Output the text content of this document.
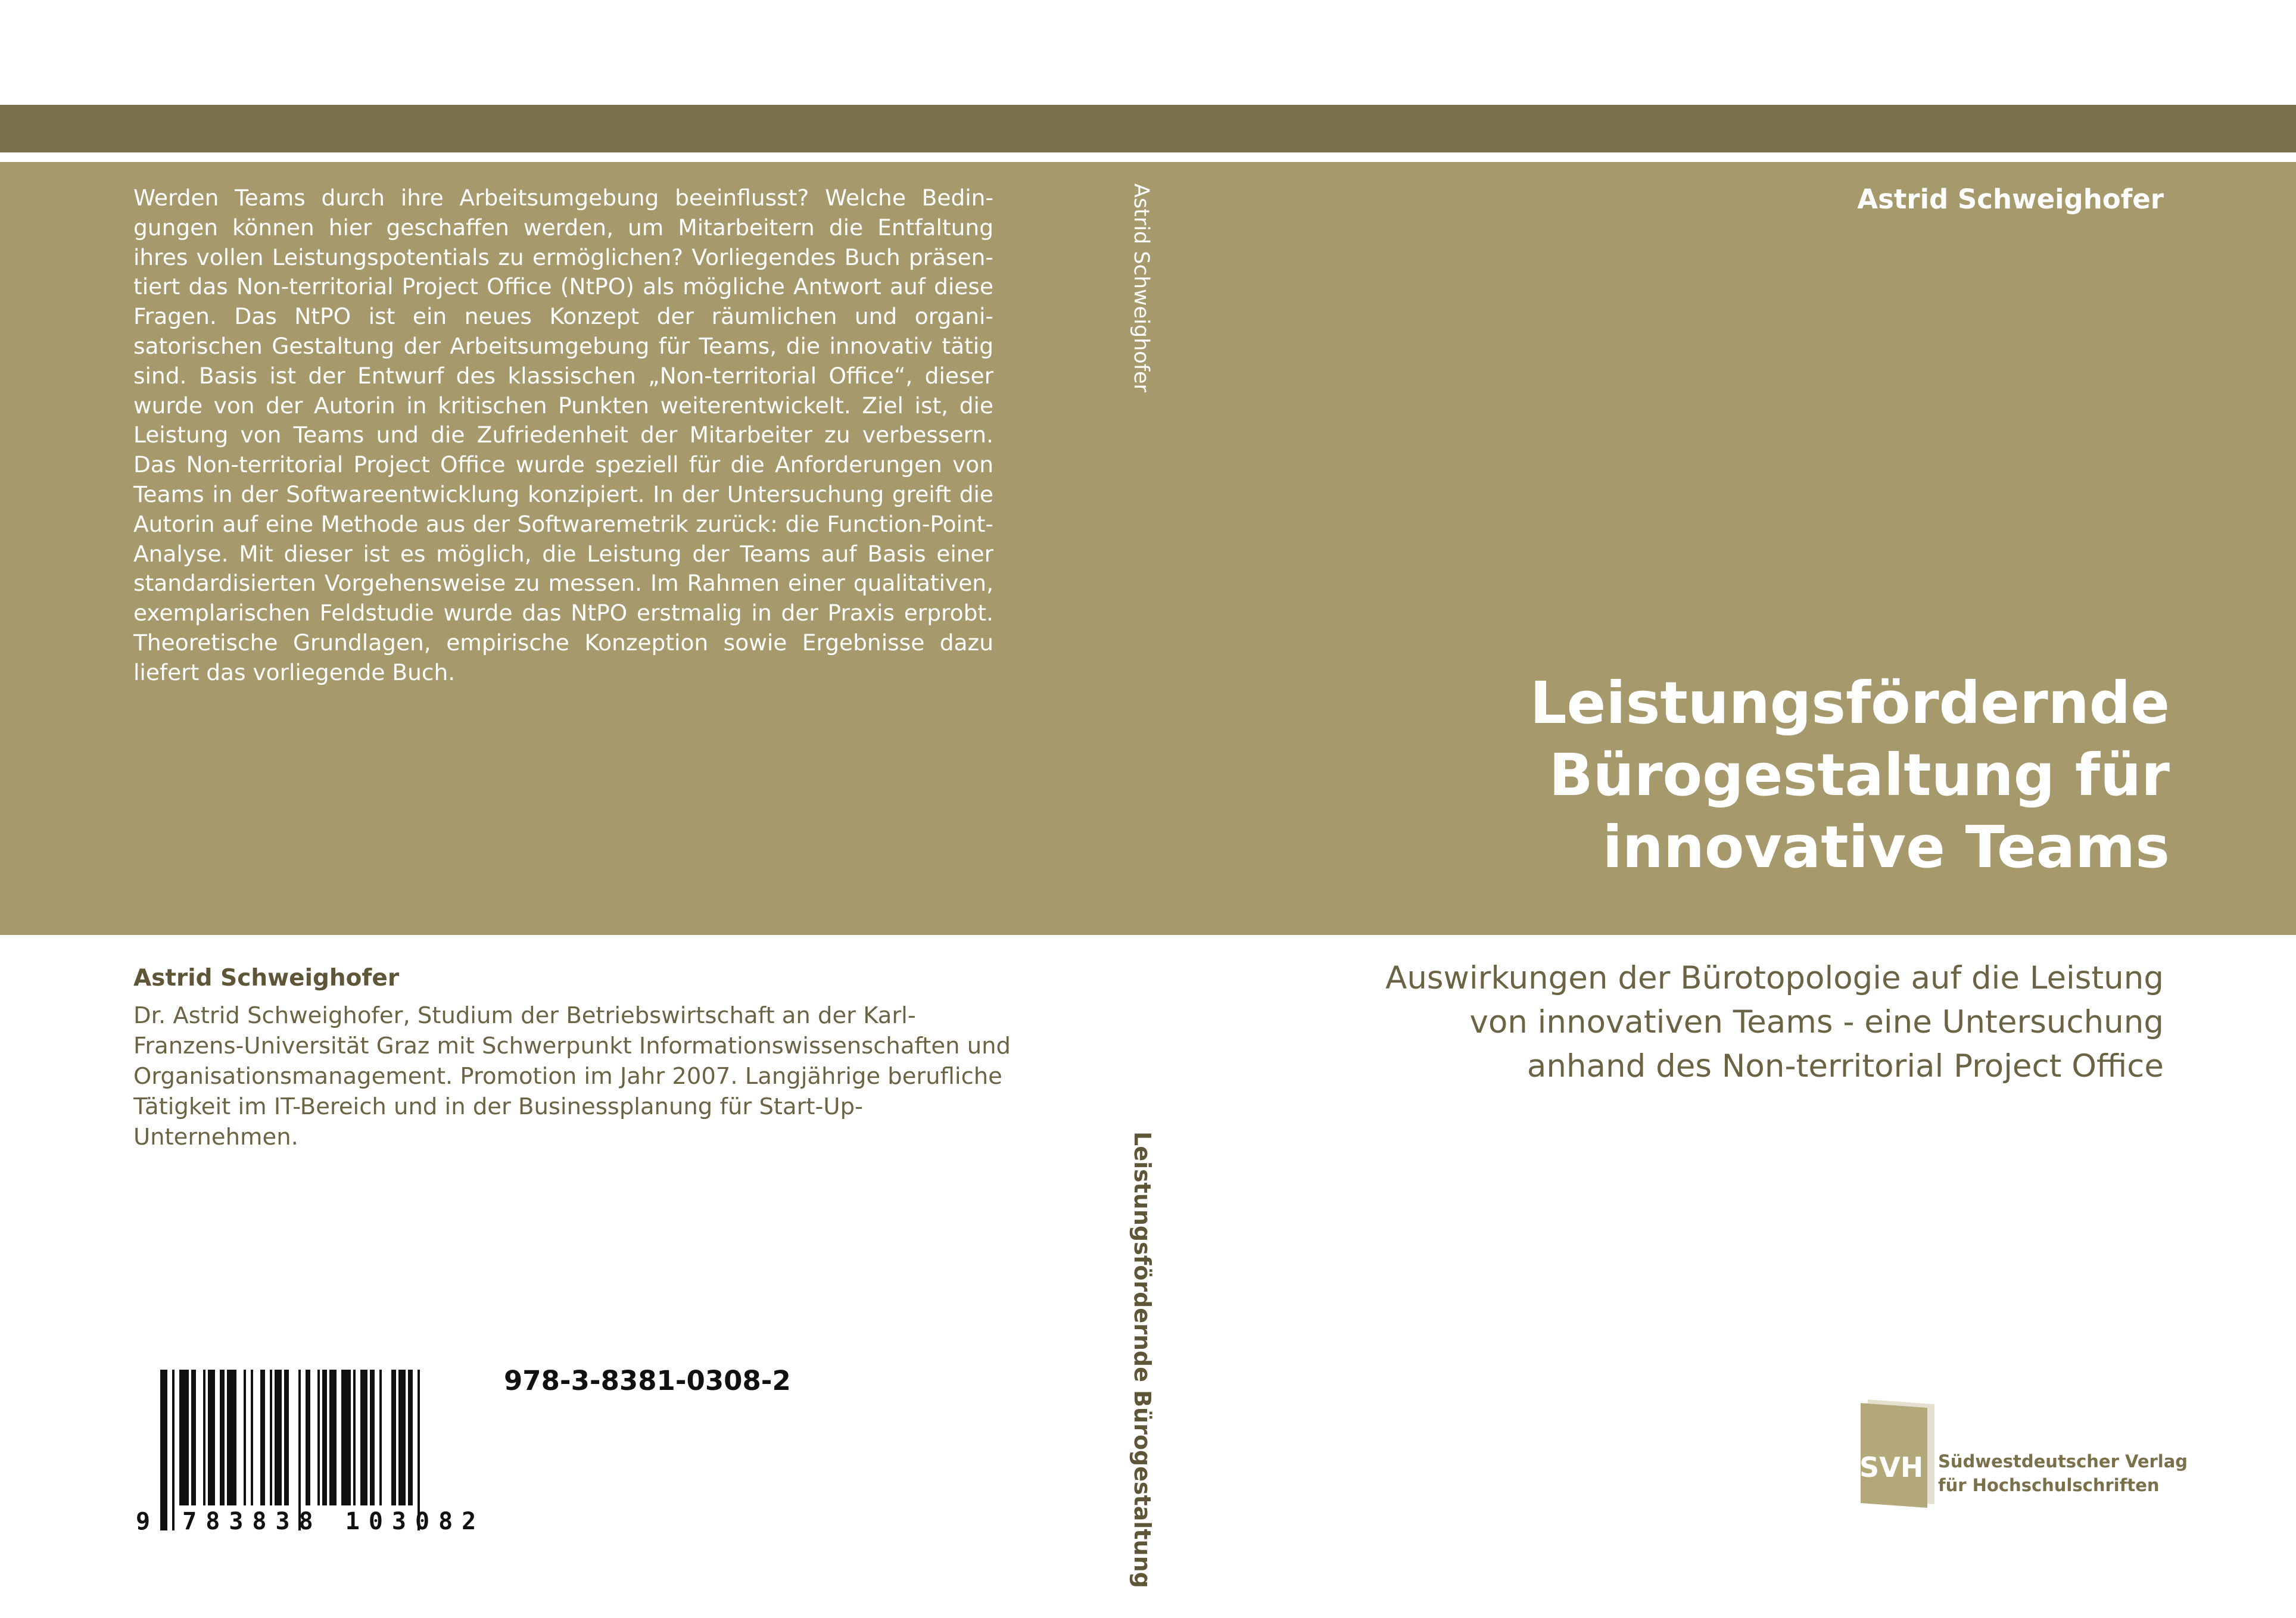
Werden Teams durch ihre Arbeitsumgebung beeinflusst? Welche Bedingungen können hier geschaffen werden, um Mitarbeitern die Entfaltung ihres vollen Leistungspotentials zu ermöglichen? Vorliegendes Buch präsentiert das Non-territorial Project Office (NtPO) als mögliche Antwort auf diese Fragen. Das NtPO ist ein neues Konzept der räumlichen und organisatorischen Gestaltung der Arbeitsumgebung für Teams, die innovativ tätig sind. Basis ist der Entwurf des klassischen „Non-territorial Office“, dieser wurde von der Autorin in kritischen Punkten weiterentwickelt. Ziel ist, die Leistung von Teams und die Zufriedenheit der Mitarbeiter zu verbessern. Das Non-territorial Project Office wurde speziell für die Anforderungen von Teams in der Softwareentwicklung konzipiert. In der Untersuchung greift die Autorin auf eine Methode aus der Softwaremetrik zurück: die Function-Point-Analyse. Mit dieser ist es möglich, die Leistung der Teams auf Basis einer standardisierten Vorgehensweise zu messen. Im Rahmen einer qualitativen, exemplarischen Feldstudie wurde das NtPO erstmalig in der Praxis erprobt. Theoretische Grundlagen, empirische Konzeption sowie Ergebnisse dazu liefert das vorliegende Buch.

Astrid Schweighofer
Leistungsfördernde Bürogestaltung
Astrid Schweighofer
Leistungsfördernde
Bürogestaltung für
innovative Teams

Auswirkungen der Bürotopologie auf die Leistung
von innovativen Teams - eine Untersuchung
anhand des Non-territorial Project Office

Astrid Schweighofer

Dr. Astrid Schweighofer, Studium der Betriebswirtschaft an der Karl-Franzens-Universität Graz mit Schwerpunkt Informationswissenschaften und Organisationsmanagement. Promotion im Jahr 2007. Langjährige berufliche Tätigkeit im IT-Bereich und in der Businessplanung für Start-Up-Unternehmen.

9 783838 103082
978-3-8381-0308-2
SVH Südwestdeutscher Verlag
für Hochschulschriften
